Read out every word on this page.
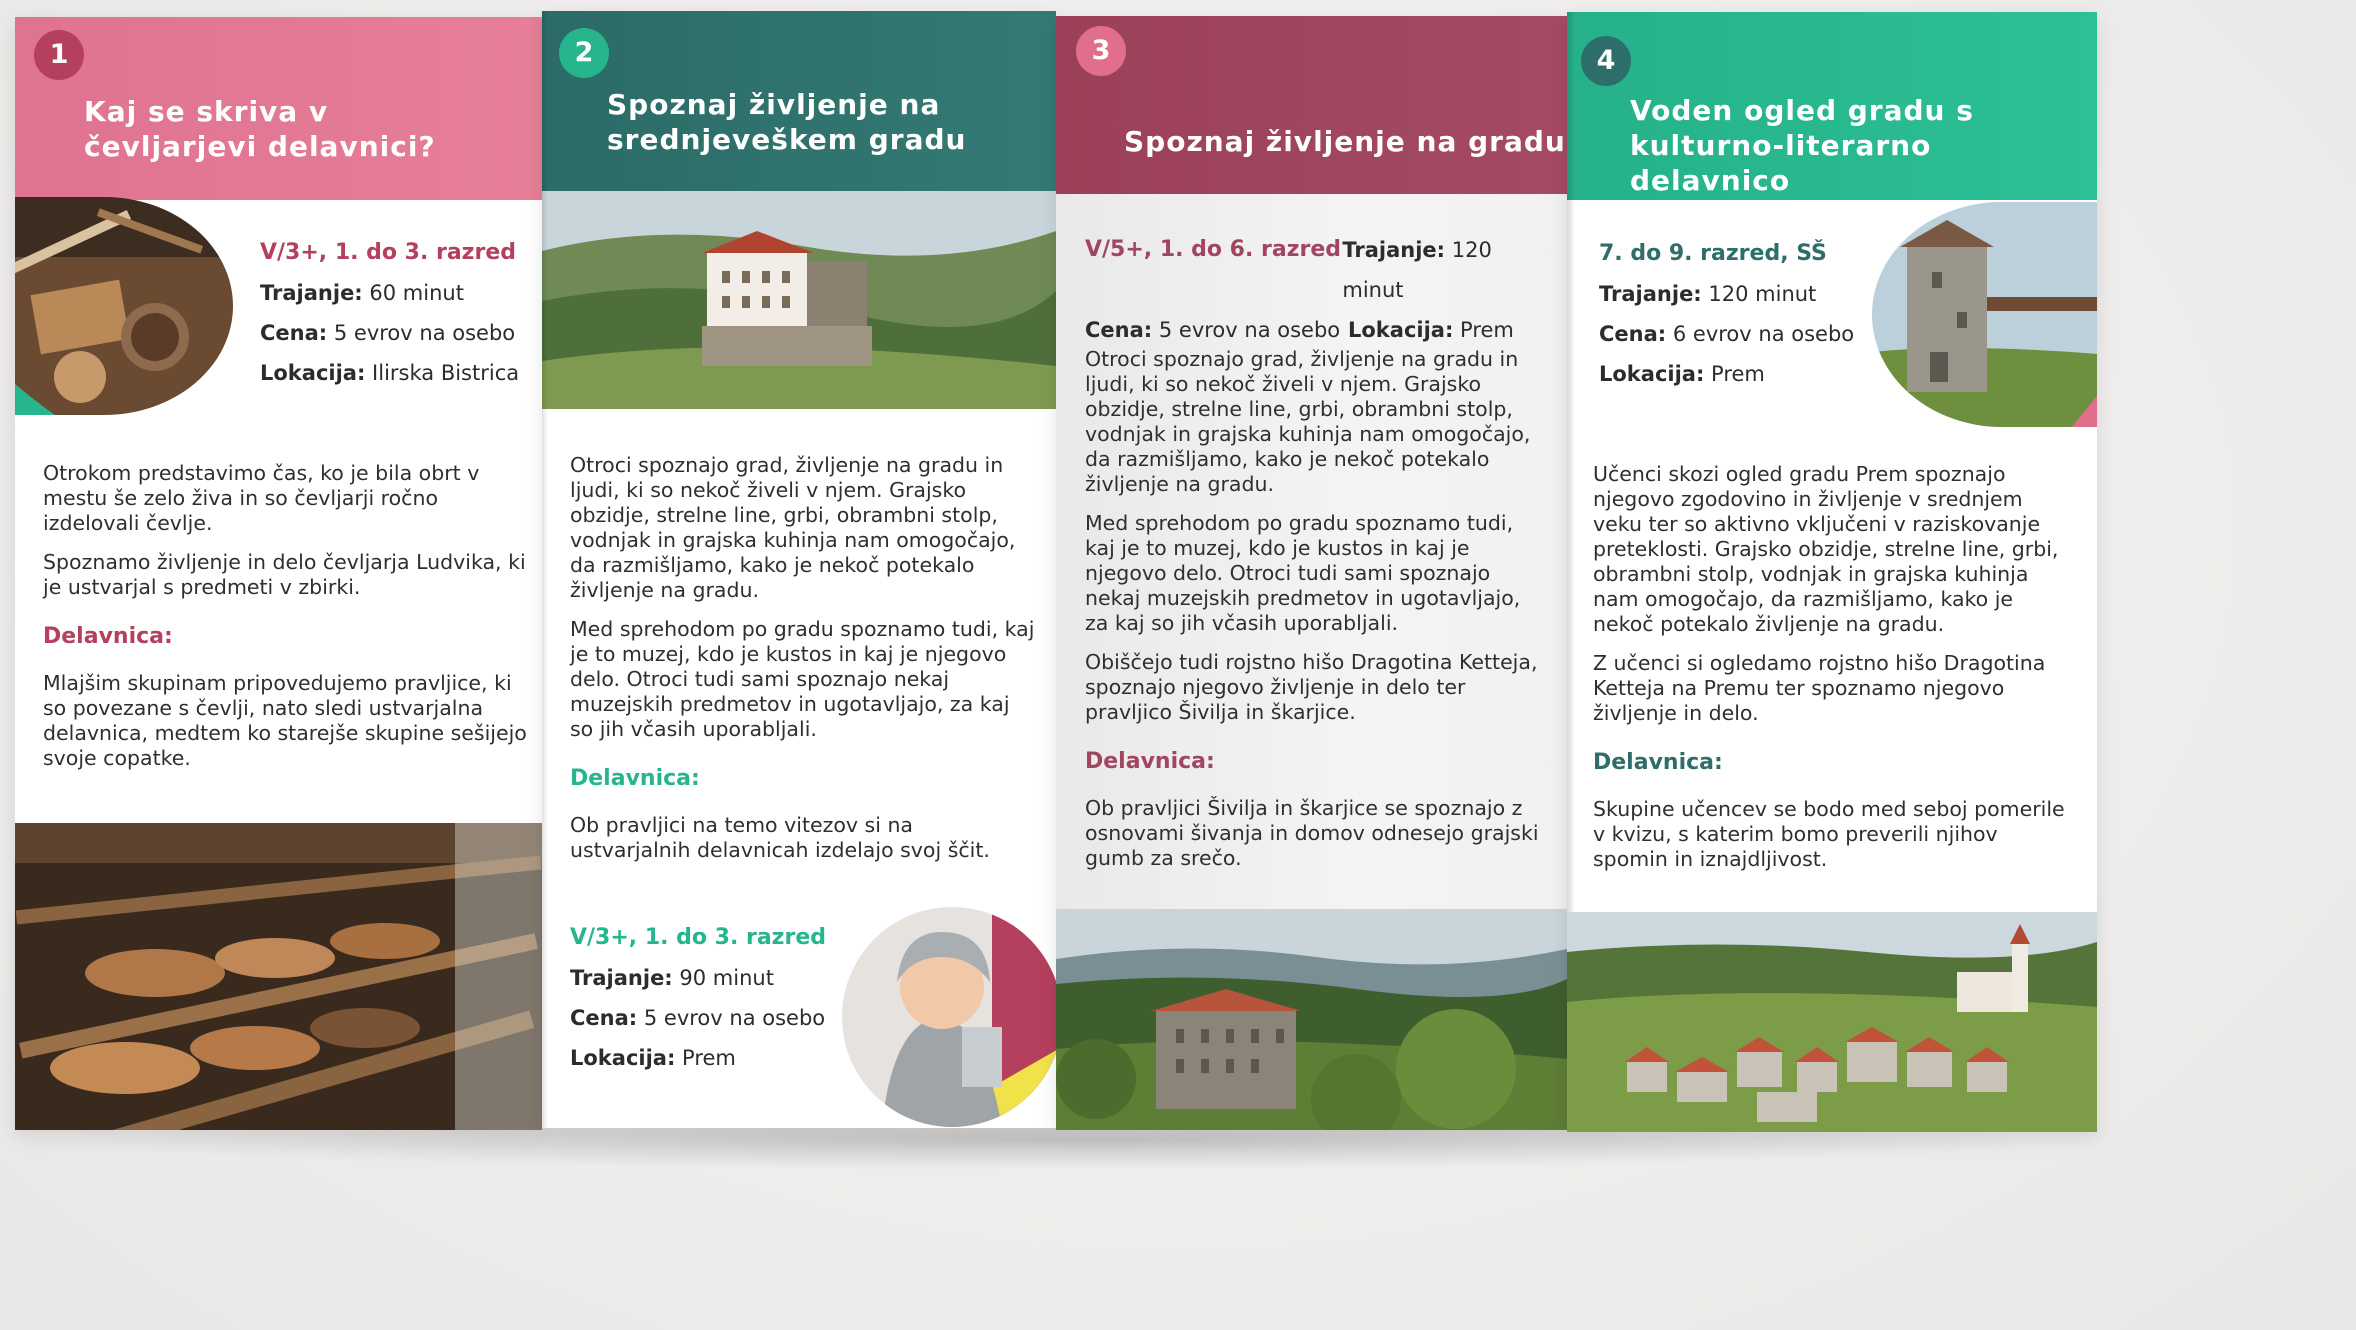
1
Kaj se skriva v
čevljarjevi delavnici?
V/3+, 1. do 3. razred
Trajanje: 60 minut
Cena: 5 evrov na osebo
Lokacija: Ilirska Bistrica

Otrokom predstavimo čas, ko je bila obrt v mestu še zelo živa in so čevljarji ročno izdelovali čevlje.

Spoznamo življenje in delo čevljarja Ludvika, ki je ustvarjal s predmeti v zbirki.

Delavnica:

Mlajšim skupinam pripovedujemo pravljice, ki so povezane s čevlji, nato sledi ustvarjalna delavnica, medtem ko starejše skupine sešijejo svoje copatke.

2
Spoznaj življenje na
srednjeveškem gradu

Otroci spoznajo grad, življenje na gradu in ljudi, ki so nekoč živeli v njem. Grajsko obzidje, strelne line, grbi, obrambni stolp, vodnjak in grajska kuhinja nam omogočajo, da razmišljamo, kako je nekoč potekalo življenje na gradu.

Med sprehodom po gradu spoznamo tudi, kaj je to muzej, kdo je kustos in kaj je njegovo delo. Otroci tudi sami spoznajo nekaj muzejskih predmetov in ugotavljajo, za kaj so jih včasih uporabljali.

Delavnica:

Ob pravljici na temo vitezov si na ustvarjalnih delavnicah izdelajo svoj ščit.

V/3+, 1. do 3. razred
Trajanje: 90 minut
Cena: 5 evrov na osebo
Lokacija: Prem
3
Spoznaj življenje na gradu
V/5+, 1. do 6. razred Trajanje: 120 minut
Cena: 5 evrov na osebo Lokacija: Prem

Otroci spoznajo grad, življenje na gradu in ljudi, ki so nekoč živeli v njem. Grajsko obzidje, strelne line, grbi, obrambni stolp, vodnjak in grajska kuhinja nam omogočajo, da razmišljamo, kako je nekoč potekalo življenje na gradu.

Med sprehodom po gradu spoznamo tudi, kaj je to muzej, kdo je kustos in kaj je njegovo delo. Otroci tudi sami spoznajo nekaj muzejskih predmetov in ugotavljajo, za kaj so jih včasih uporabljali.

Obiščejo tudi rojstno hišo Dragotina Ketteja, spoznajo njegovo življenje in delo ter pravljico Šivilja in škarjice.

Delavnica:

Ob pravljici Šivilja in škarjice se spoznajo z osnovami šivanja in domov odnesejo grajski gumb za srečo.

4
Voden ogled gradu s
kulturno-literarno delavnico
7. do 9. razred, SŠ
Trajanje: 120 minut
Cena: 6 evrov na osebo
Lokacija: Prem

Učenci skozi ogled gradu Prem spoznajo njegovo zgodovino in življenje v srednjem veku ter so aktivno vključeni v raziskovanje preteklosti. Grajsko obzidje, strelne line, grbi, obrambni stolp, vodnjak in grajska kuhinja nam omogočajo, da razmišljamo, kako je nekoč potekalo življenje na gradu.

Z učenci si ogledamo rojstno hišo Dragotina Ketteja na Premu ter spoznamo njegovo življenje in delo.

Delavnica:

Skupine učencev se bodo med seboj pomerile v kvizu, s katerim bomo preverili njihov spomin in iznajdljivost.
